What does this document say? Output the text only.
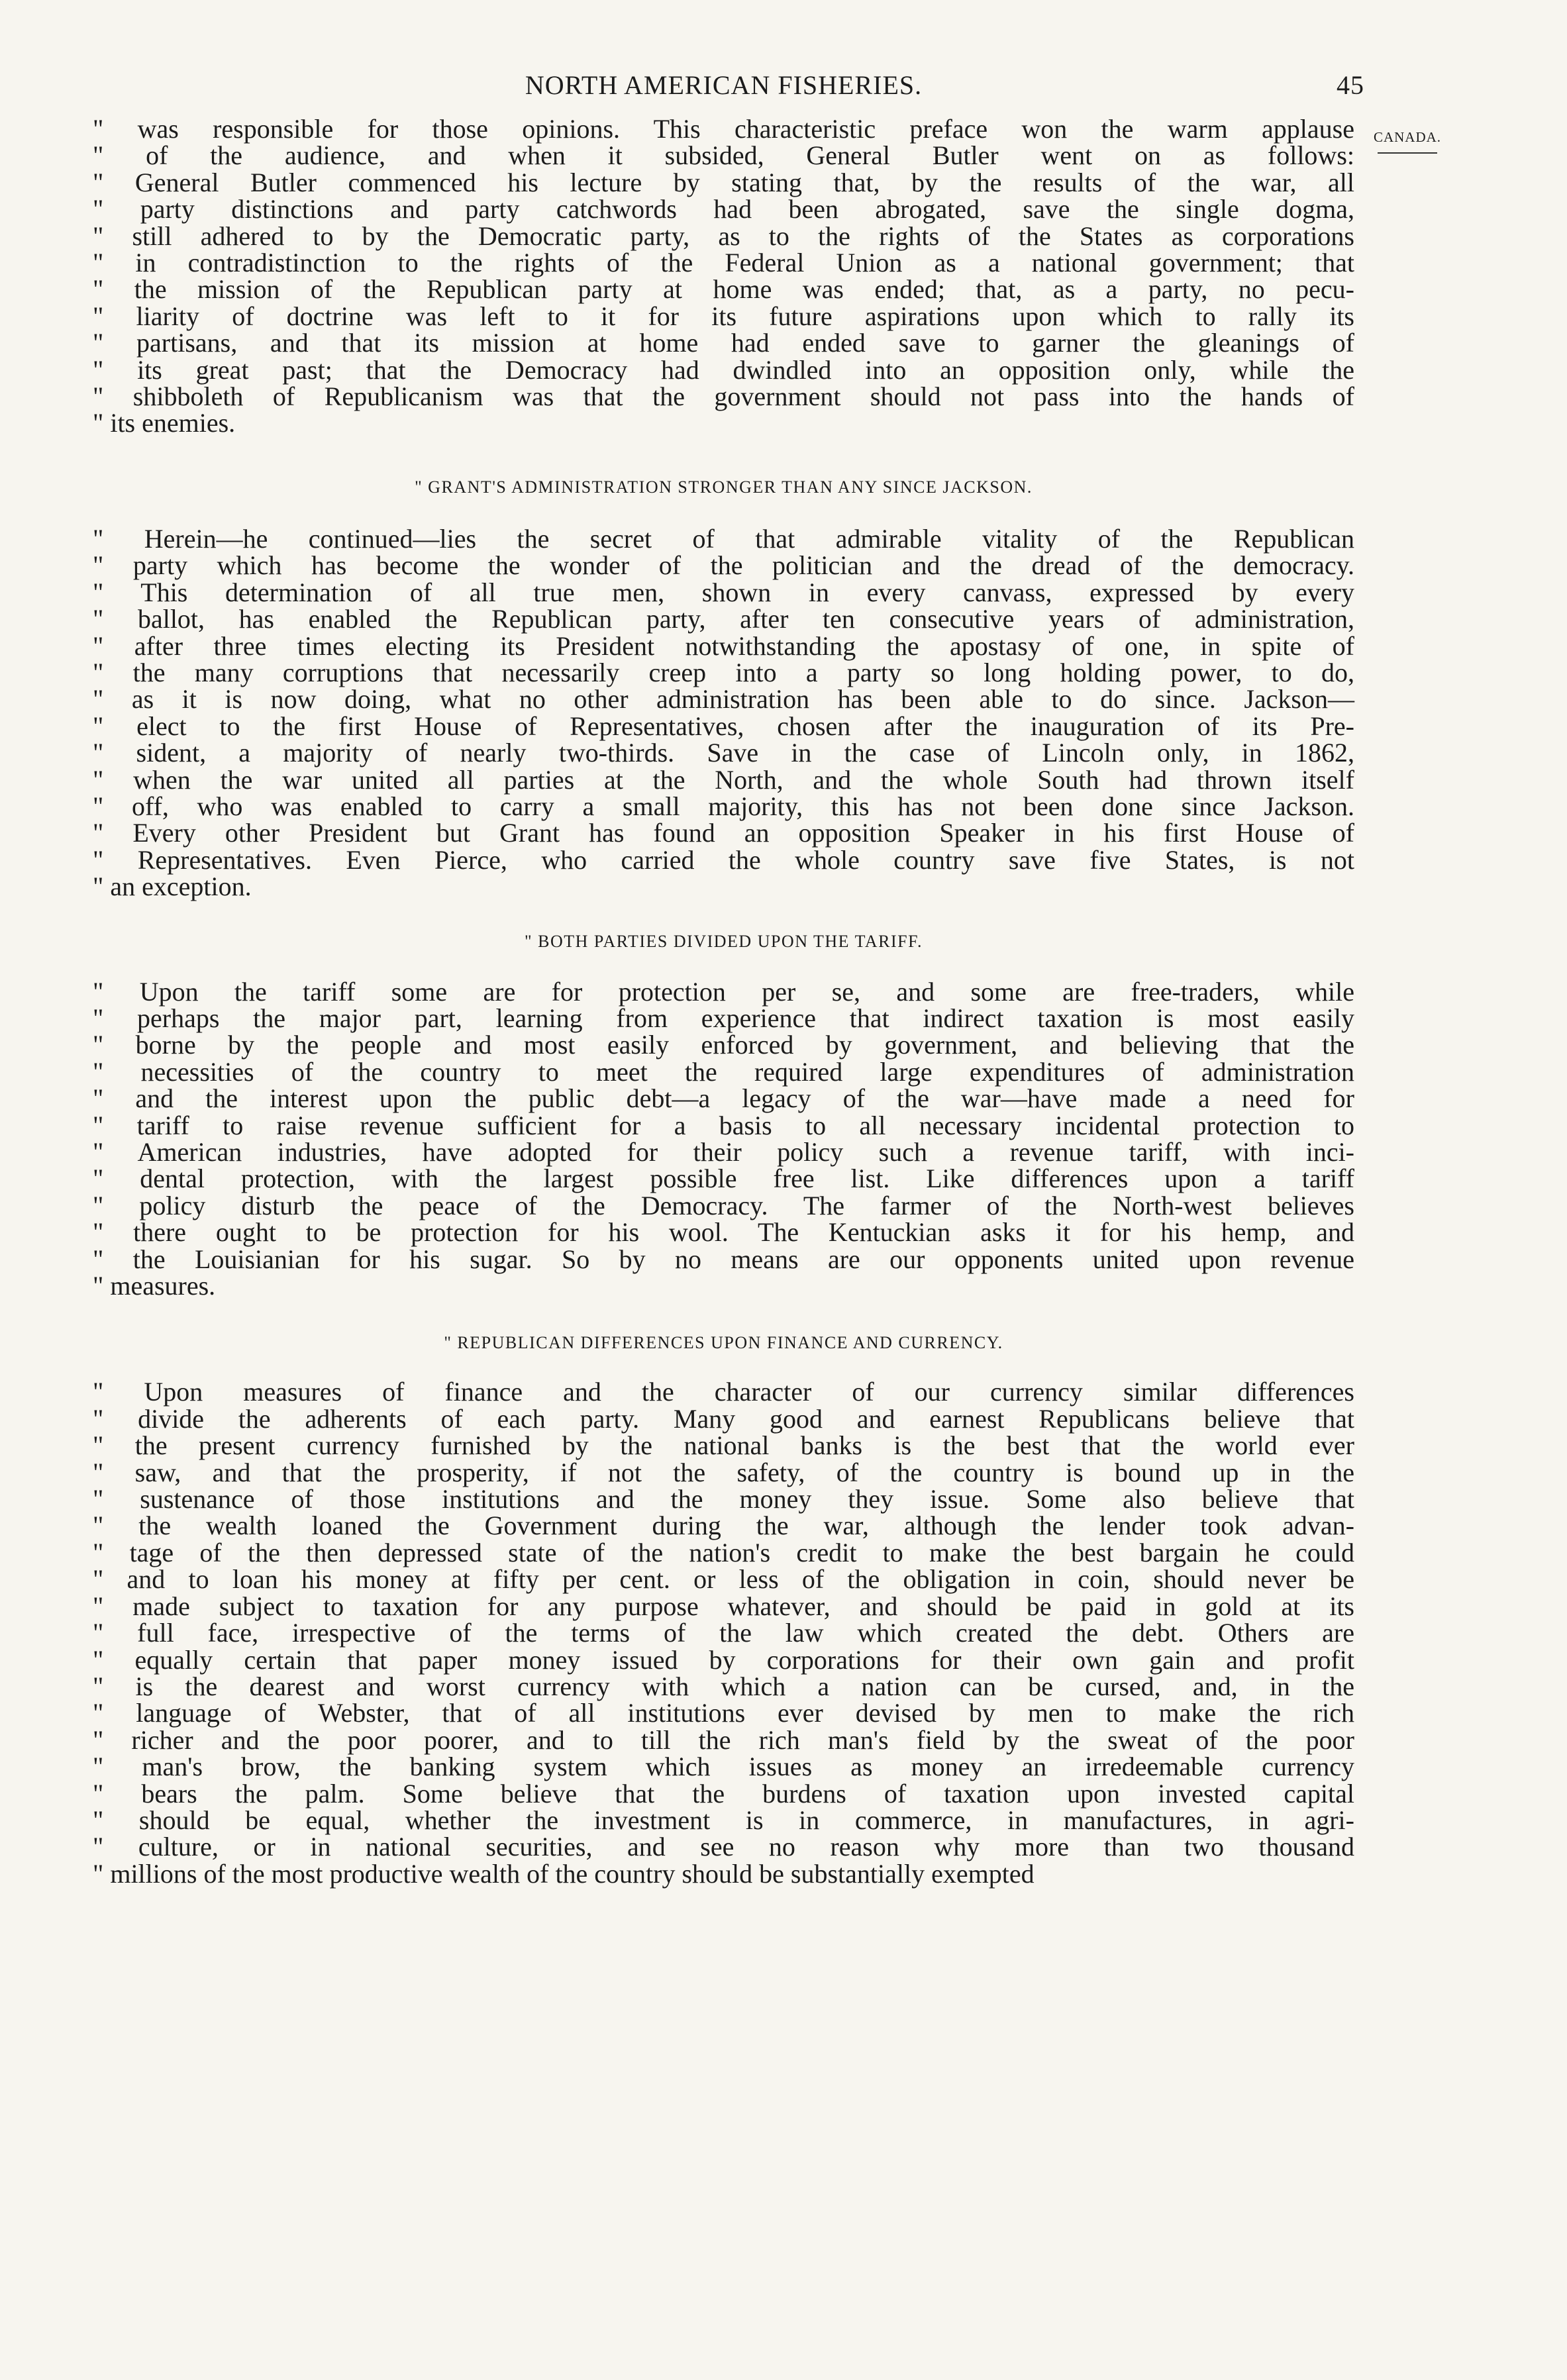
NORTH AMERICAN FISHERIES.	45

" was responsible for those opinions. This characteristic preface won the warm applause
" of the audience, and when it subsided, General Butler went on as follows:
" General Butler commenced his lecture by stating that, by the results of the war, all
" party distinctions and party catchwords had been abrogated, save the single dogma,
" still adhered to by the Democratic party, as to the rights of the States as corporations
" in contradistinction to the rights of the Federal Union as a national government; that
" the mission of the Republican party at home was ended; that, as a party, no pecu-
" liarity of doctrine was left to it for its future aspirations upon which to rally its
" partisans, and that its mission at home had ended save to garner the gleanings of
" its great past; that the Democracy had dwindled into an opposition only, while the
" shibboleth of Republicanism was that the government should not pass into the hands of
" its enemies.

" GRANT'S ADMINISTRATION STRONGER THAN ANY SINCE JACKSON.

" Herein—he continued—lies the secret of that admirable vitality of the Republican
" party which has become the wonder of the politician and the dread of the democracy.
" This determination of all true men, shown in every canvass, expressed by every
" ballot, has enabled the Republican party, after ten consecutive years of administration,
" after three times electing its President notwithstanding the apostasy of one, in spite of
" the many corruptions that necessarily creep into a party so long holding power, to do,
" as it is now doing, what no other administration has been able to do since. Jackson—
" elect to the first House of Representatives, chosen after the inauguration of its Pre-
" sident, a majority of nearly two-thirds. Save in the case of Lincoln only, in 1862,
" when the war united all parties at the North, and the whole South had thrown itself
" off, who was enabled to carry a small majority, this has not been done since Jackson.
" Every other President but Grant has found an opposition Speaker in his first House of
" Representatives. Even Pierce, who carried the whole country save five States, is not
" an exception.

" BOTH PARTIES DIVIDED UPON THE TARIFF.

" Upon the tariff some are for protection per se, and some are free-traders, while
" perhaps the major part, learning from experience that indirect taxation is most easily
" borne by the people and most easily enforced by government, and believing that the
" necessities of the country to meet the required large expenditures of administration
" and the interest upon the public debt—a legacy of the war—have made a need for
" tariff to raise revenue sufficient for a basis to all necessary incidental protection to
" American industries, have adopted for their policy such a revenue tariff, with inci-
" dental protection, with the largest possible free list. Like differences upon a tariff
" policy disturb the peace of the Democracy. The farmer of the North-west believes
" there ought to be protection for his wool. The Kentuckian asks it for his hemp, and
" the Louisianian for his sugar. So by no means are our opponents united upon revenue
" measures.

" REPUBLICAN DIFFERENCES UPON FINANCE AND CURRENCY.

" Upon measures of finance and the character of our currency similar differences
" divide the adherents of each party. Many good and earnest Republicans believe that
" the present currency furnished by the national banks is the best that the world ever
" saw, and that the prosperity, if not the safety, of the country is bound up in the
" sustenance of those institutions and the money they issue. Some also believe that
" the wealth loaned the Government during the war, although the lender took advan-
" tage of the then depressed state of the nation's credit to make the best bargain he could
" and to loan his money at fifty per cent. or less of the obligation in coin, should never be
" made subject to taxation for any purpose whatever, and should be paid in gold at its
" full face, irrespective of the terms of the law which created the debt. Others are
" equally certain that paper money issued by corporations for their own gain and profit
" is the dearest and worst currency with which a nation can be cursed, and, in the
" language of Webster, that of all institutions ever devised by men to make the rich
" richer and the poor poorer, and to till the rich man's field by the sweat of the poor
" man's brow, the banking system which issues as money an irredeemable currency
" bears the palm. Some believe that the burdens of taxation upon invested capital
" should be equal, whether the investment is in commerce, in manufactures, in agri-
" culture, or in national securities, and see no reason why more than two thousand
" millions of the most productive wealth of the country should be substantially exempted

CANADA.
